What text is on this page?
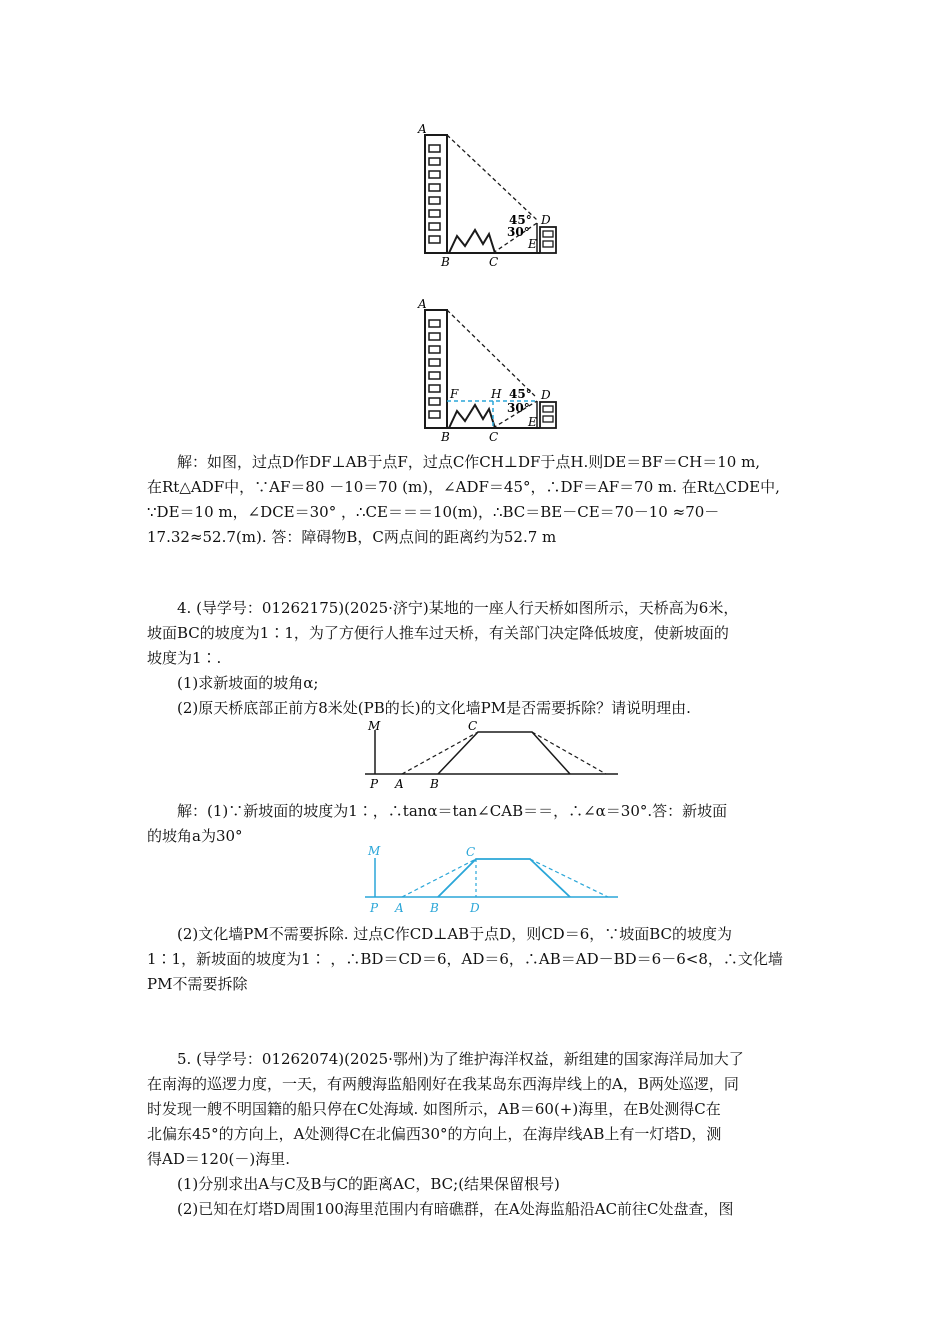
A
B	C
D
E
45°
30°
A
B	C
D
E
F	H 45°
30°
解：如图，过点D作DF⊥AB于点F，过点C作CH⊥DF于点H.则DE＝BF＝CH＝10 m,
在Rt△ADF中，∵AF＝80 －10＝70 (m)，∠ADF＝45°，∴DF＝AF＝70 m. 在Rt△CDE中,
∵DE＝10 m，∠DCE＝30° ，∴CE＝＝＝10(m)，∴BC＝BE－CE＝70－10 ≈70－
17.32≈52.7(m). 答：障碍物B，C两点间的距离约为52.7 m
4. (导学号：01262175)(2025·济宁)某地的一座人行天桥如图所示，天桥高为6米，
坡面BC的坡度为1∶1，为了方便行人推车过天桥，有关部门决定降低坡度，使新坡面的
坡度为1∶.
(1)求新坡面的坡角α;
(2)原天桥底部正前方8米处(PB的长)的文化墙PM是否需要拆除？请说明理由.
M	C
P A B
解：(1)∵新坡面的坡度为1∶，∴tanα＝tan∠CAB＝＝，∴∠α＝30°.答：新坡面
的坡角a为30°
M	C
P A B	D
(2)文化墙PM不需要拆除. 过点C作CD⊥AB于点D，则CD＝6，∵坡面BC的坡度为
1∶1，新坡面的坡度为1∶ ，∴BD＝CD＝6，AD＝6，∴AB＝AD－BD＝6－6<8，∴文化墙
PM不需要拆除
5. (导学号：01262074)(2025·鄂州)为了维护海洋权益，新组建的国家海洋局加大了
在南海的巡逻力度，一天，有两艘海监船刚好在我某岛东西海岸线上的A，B两处巡逻，同
时发现一艘不明国籍的船只停在C处海域. 如图所示，AB＝60(+)海里，在B处测得C在
北偏东45°的方向上，A处测得C在北偏西30°的方向上，在海岸线AB上有一灯塔D，测
得AD＝120(－)海里.
(1)分别求出A与C及B与C的距离AC，BC;(结果保留根号)
(2)已知在灯塔D周围100海里范围内有暗礁群，在A处海监船沿AC前往C处盘查，图
